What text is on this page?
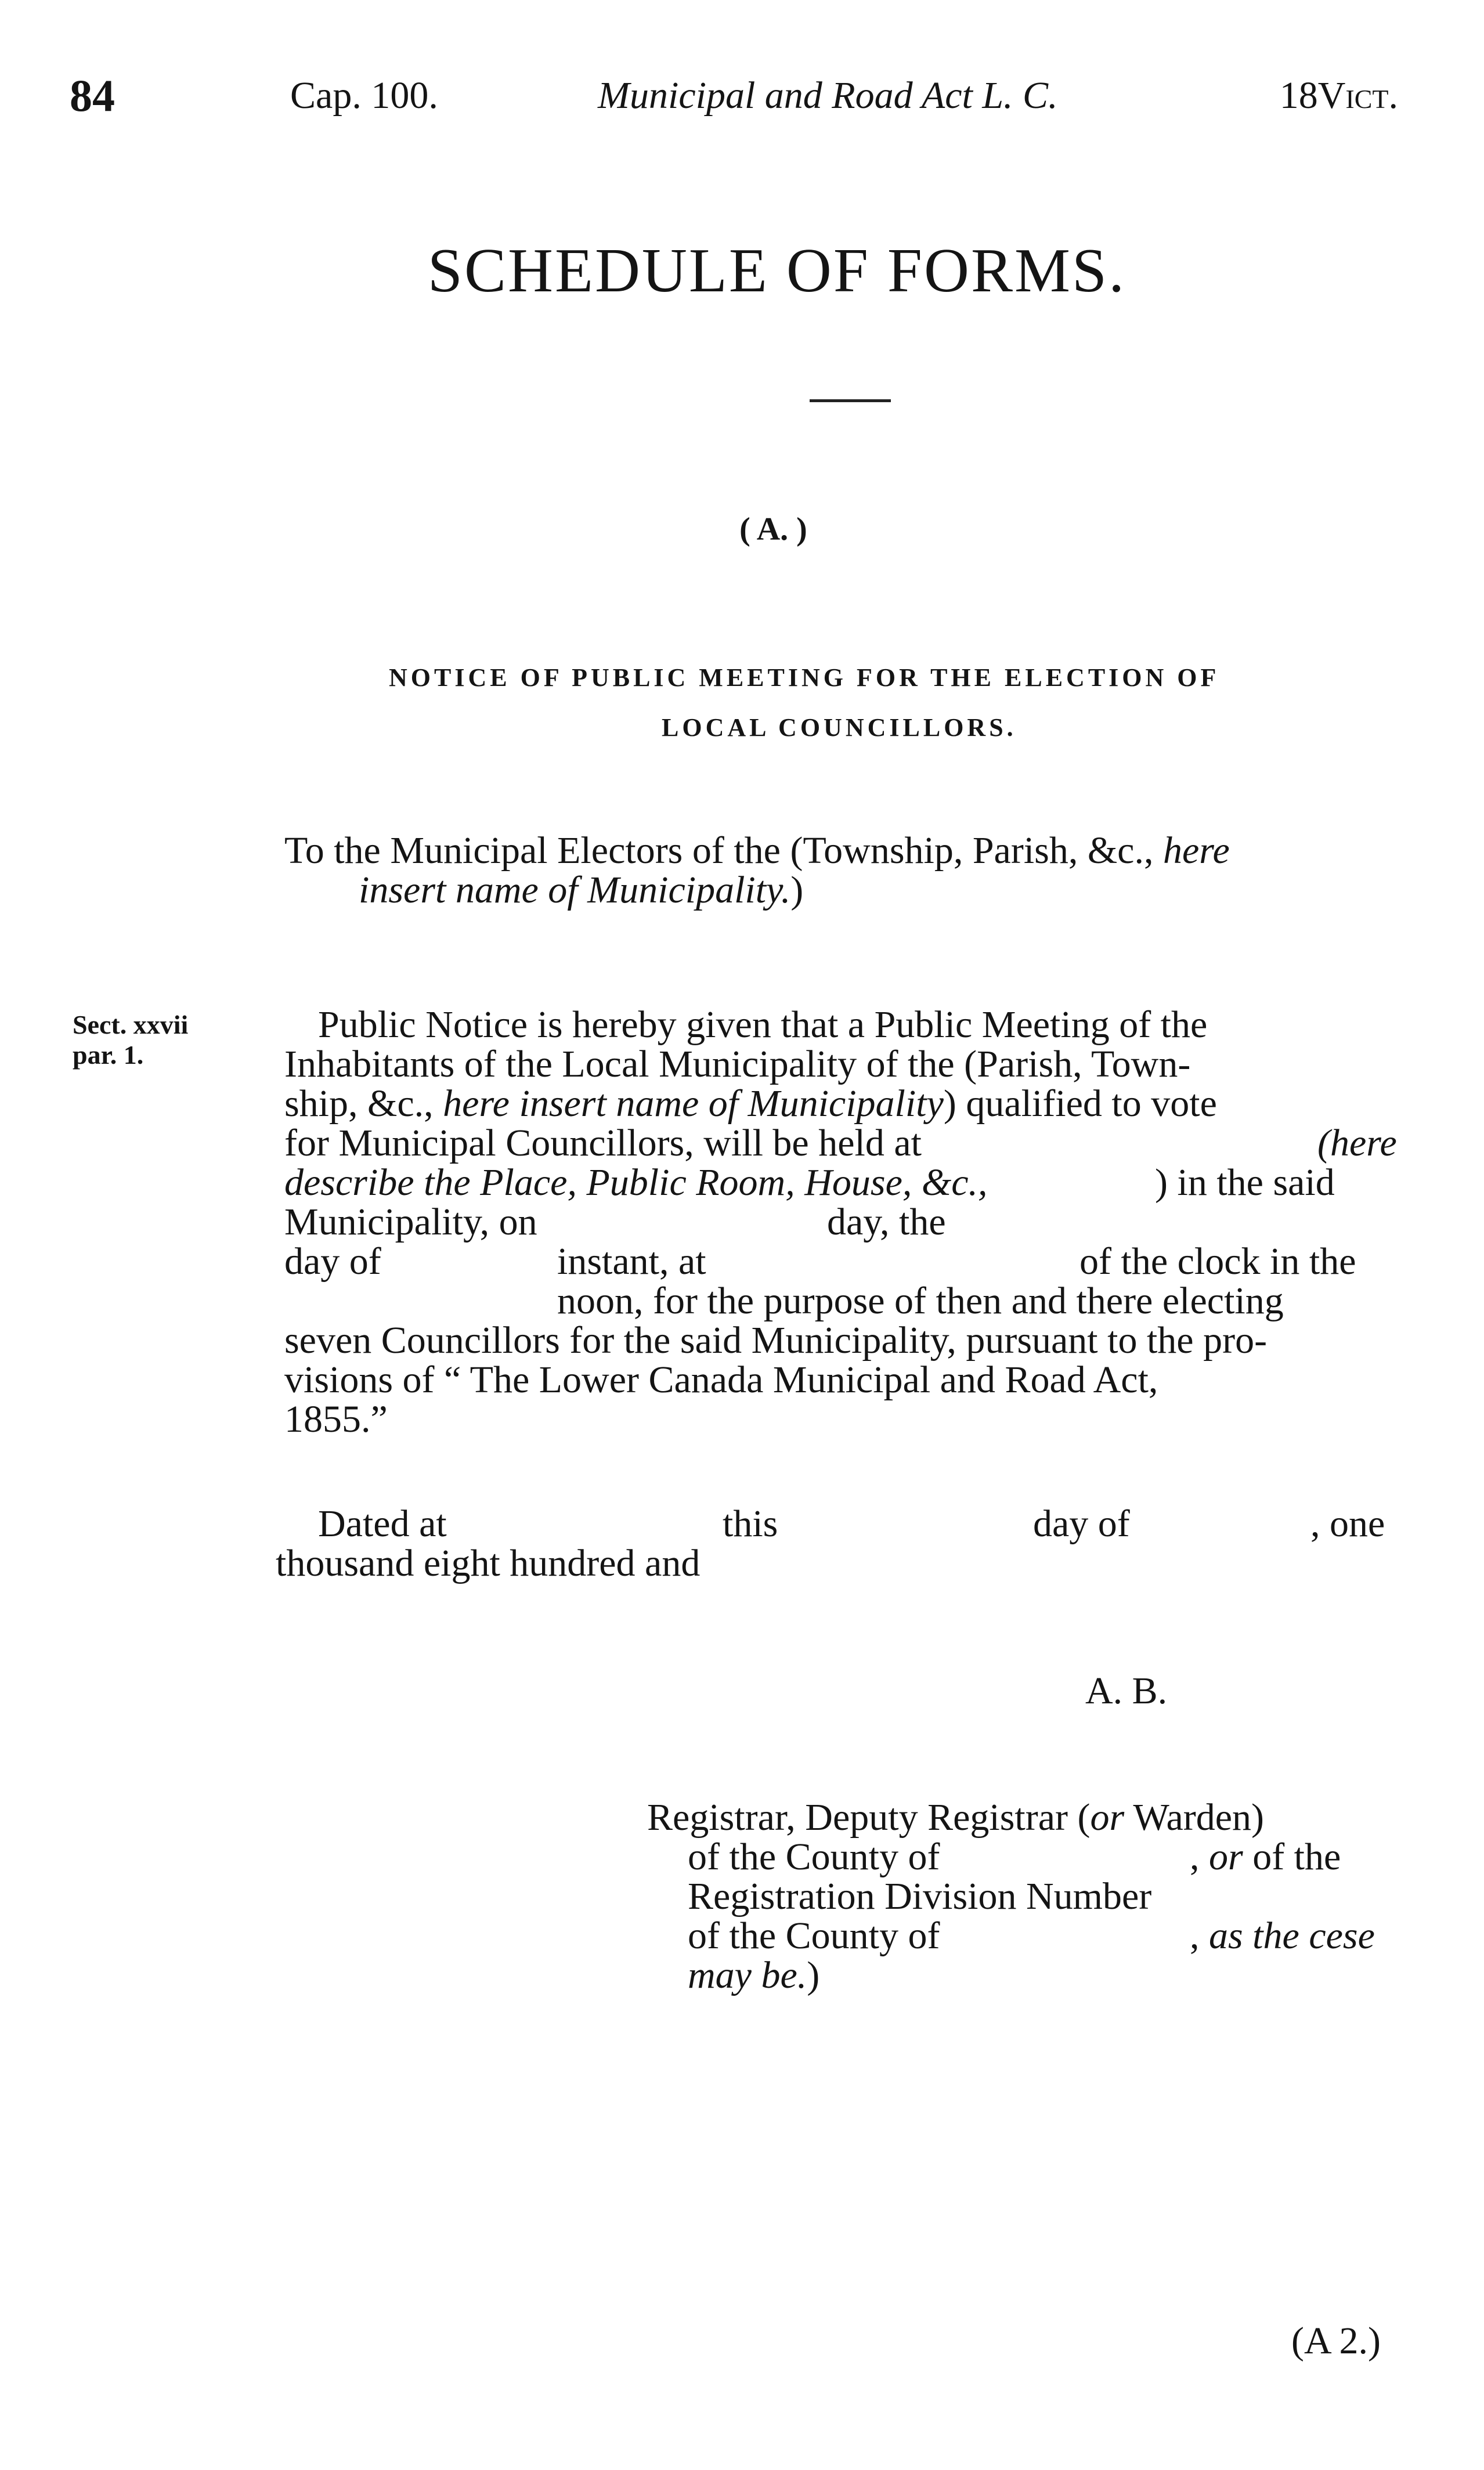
84	Cap. 100.	Municipal and Road Act L. C.	18Vict.
SCHEDULE OF FORMS.
( A. )
NOTICE OF PUBLIC MEETING FOR THE ELECTION OF
LOCAL COUNCILLORS.
To the Municipal Electors of the (Township, Parish, &c., here
insert name of Municipality.)
Sect. xxvii
par. 1.
Public Notice is hereby given that a Public Meeting of the
Inhabitants of the Local Municipality of the (Parish, Town-
ship, &c., here insert name of Municipality) qualified to vote
for Municipal Councillors, will be held at	(here
describe the Place, Public Room, House, &c.,	) in the said
Municipality, on	day, the
day of	instant, at	of the clock in the
noon, for the purpose of then and there electing
seven Councillors for the said Municipality, pursuant to the pro-
visions of “ The Lower Canada Municipal and Road Act,
1855.”
Dated at	this	day of	, one
thousand eight hundred and
A. B.
Registrar, Deputy Registrar (or Warden)
of the County of	, or of the
Registration Division Number
of the County of	, as the cese
may be.)
(A 2.)
